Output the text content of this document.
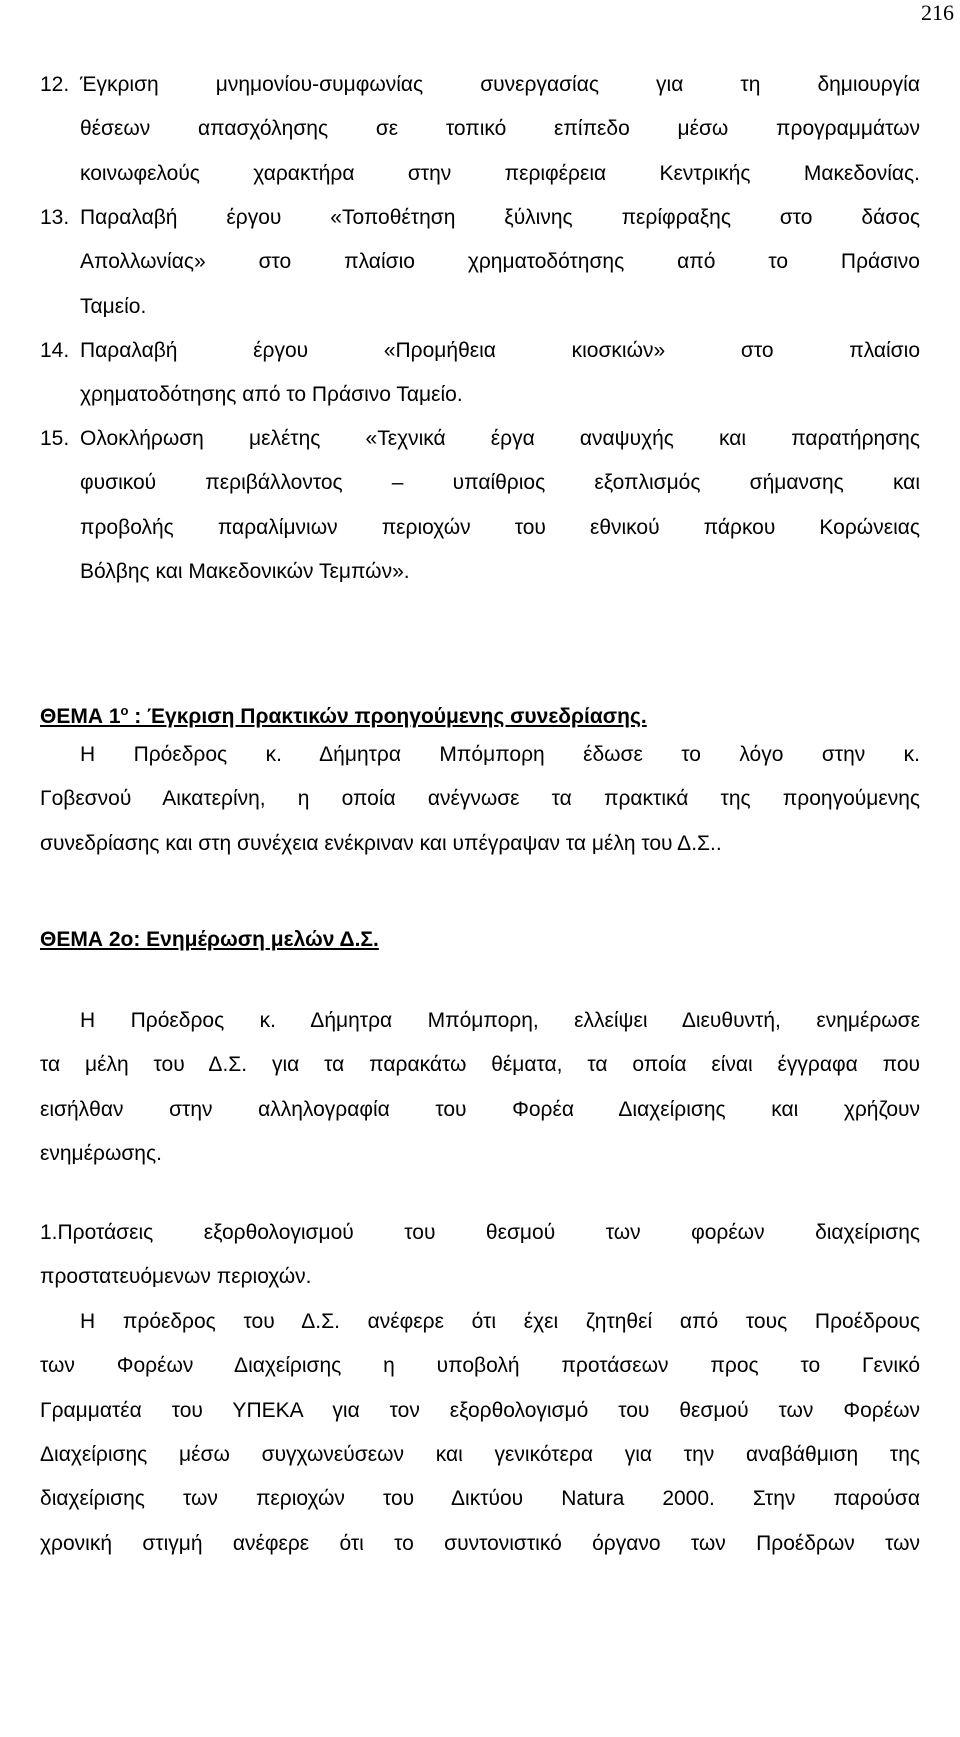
216
ΘΕΜΑ $1^o$ : Έγκριση Πρακτικών προηγούμενης συνεδρίασης.
ΘΕΜΑ 2ο: Ενημέρωση μελών Δ.Σ.
12. Έγκριση μνημονίου-συμφωνίας συνεργασίας για τη δημιουργία
θέσεων απασχόλησης σε τοπικό επίπεδο μέσω προγραμμάτων
κοινωφελούς χαρακτήρα στην περιφέρεια Κεντρικής Μακεδονίας.
13. Παραλαβή έργου «Τοποθέτηση ξύλινης περίφραξης στο δάσος
Απολλωνίας» στο πλαίσιο χρηματοδότησης από το Πράσινο
Ταμείο.
14. Παραλαβή έργου «Προμήθεια κιοσκιών» στο πλαίσιο
χρηματοδότησης από το Πράσινο Ταμείο.
15. Ολοκλήρωση μελέτης «Τεχνικά έργα αναψυχής και παρατήρησης
φυσικού περιβάλλοντος – υπαίθριος εξοπλισμός σήμανσης και
προβολής παραλίμνιων περιοχών του εθνικού πάρκου Κορώνειας
Βόλβης και Μακεδονικών Τεμπών».
Η Πρόεδρος κ. Δήμητρα Μπόμπορη έδωσε το λόγο στην κ.
Γοβεσνού Αικατερίνη, η οποία ανέγνωσε τα πρακτικά της προηγούμενης
συνεδρίασης και στη συνέχεια ενέκριναν και υπέγραψαν τα μέλη του Δ.Σ..
Η Πρόεδρος κ. Δήμητρα Μπόμπορη, ελλείψει Διευθυντή, ενημέρωσε
τα μέλη του Δ.Σ. για τα παρακάτω θέματα, τα οποία είναι έγγραφα που
εισήλθαν στην αλληλογραφία του Φορέα Διαχείρισης και χρήζουν
ενημέρωσης.
1.Προτάσεις εξορθολογισμού του θεσμού των φορέων διαχείρισης
προστατευόμενων περιοχών.
Η πρόεδρος του Δ.Σ. ανέφερε ότι έχει ζητηθεί από τους Προέδρους
των Φορέων Διαχείρισης η υποβολή προτάσεων προς το Γενικό
Γραμματέα του ΥΠΕΚΑ για τον εξορθολογισμό του θεσμού των Φορέων
Διαχείρισης μέσω συγχωνεύσεων και γενικότερα για την αναβάθμιση της
διαχείρισης των περιοχών του Δικτύου Natura 2000. Στην παρούσα
χρονική στιγμή ανέφερε ότι το συντονιστικό όργανο των Προέδρων των
